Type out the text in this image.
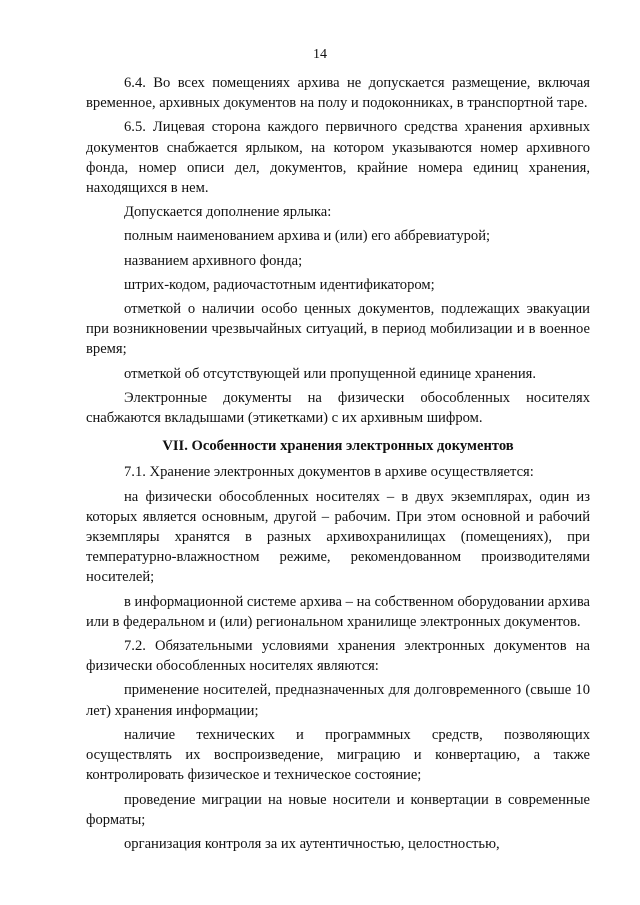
14

6.4. Во всех помещениях архива не допускается размещение, включая временное, архивных документов на полу и подоконниках, в транспортной таре.

6.5. Лицевая сторона каждого первичного средства хранения архивных документов снабжается ярлыком, на котором указываются номер архивного фонда, номер описи дел, документов, крайние номера единиц хранения, находящихся в нем.

Допускается дополнение ярлыка:

полным наименованием архива и (или) его аббревиатурой;

названием архивного фонда;

штрих-кодом, радиочастотным идентификатором;

отметкой о наличии особо ценных документов, подлежащих эвакуации при возникновении чрезвычайных ситуаций, в период мобилизации и в военное время;

отметкой об отсутствующей или пропущенной единице хранения.

Электронные документы на физически обособленных носителях снабжаются вкладышами (этикетками) с их архивным шифром.

VII. Особенности хранения электронных документов

7.1. Хранение электронных документов в архиве осуществляется:

на физически обособленных носителях – в двух экземплярах, один из которых является основным, другой – рабочим. При этом основной и рабочий экземпляры хранятся в разных архивохранилищах (помещениях), при температурно-влажностном режиме, рекомендованном производителями носителей;

в информационной системе архива – на собственном оборудовании архива или в федеральном и (или) региональном хранилище электронных документов.

7.2. Обязательными условиями хранения электронных документов на физически обособленных носителях являются:

применение носителей, предназначенных для долговременного (свыше 10 лет) хранения информации;

наличие технических и программных средств, позволяющих осуществлять их воспроизведение, миграцию и конвертацию, а также контролировать физическое и техническое состояние;

проведение миграции на новые носители и конвертации в современные форматы;

организация контроля за их аутентичностью, целостностью,
